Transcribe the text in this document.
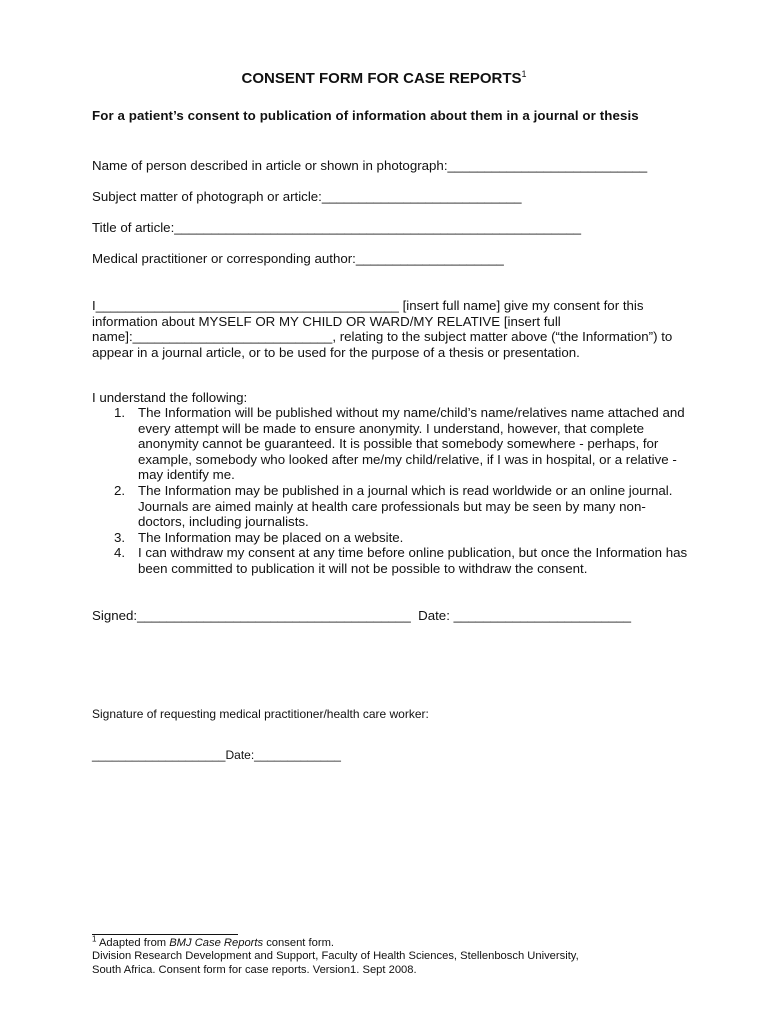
CONSENT FORM FOR CASE REPORTS$^1$
For a patient’s consent to publication of information about them in a journal or thesis
Name of person described in article or shown in photograph:___________________________
Subject matter of photograph or article:___________________________
Title of article:_______________________________________________________
Medical practitioner or corresponding author:____________________
I_________________________________________ [insert full name] give my consent for this information about MYSELF OR MY CHILD OR WARD/MY RELATIVE [insert full name]:___________________________, relating to the subject matter above (“the Information”) to appear in a journal article, or to be used for the purpose of a thesis or presentation.
I understand the following:
1. The Information will be published without my name/child’s name/relatives name attached and every attempt will be made to ensure anonymity. I understand, however, that complete anonymity cannot be guaranteed. It is possible that somebody somewhere - perhaps, for example, somebody who looked after me/my child/relative, if I was in hospital, or a relative - may identify me.
2. The Information may be published in a journal which is read worldwide or an online journal. Journals are aimed mainly at health care professionals but may be seen by many non-doctors, including journalists.
3. The Information may be placed on a website.
4. I can withdraw my consent at any time before online publication, but once the Information has been committed to publication it will not be possible to withdraw the consent.
Signed:_____________________________________  Date: ________________________
Signature of requesting medical practitioner/health care worker:
____________________Date:_____________
$^1$ Adapted from BMJ Case Reports consent form.
Division Research Development and Support, Faculty of Health Sciences, Stellenbosch University,
South Africa. Consent form for case reports. Version1. Sept 2008.
